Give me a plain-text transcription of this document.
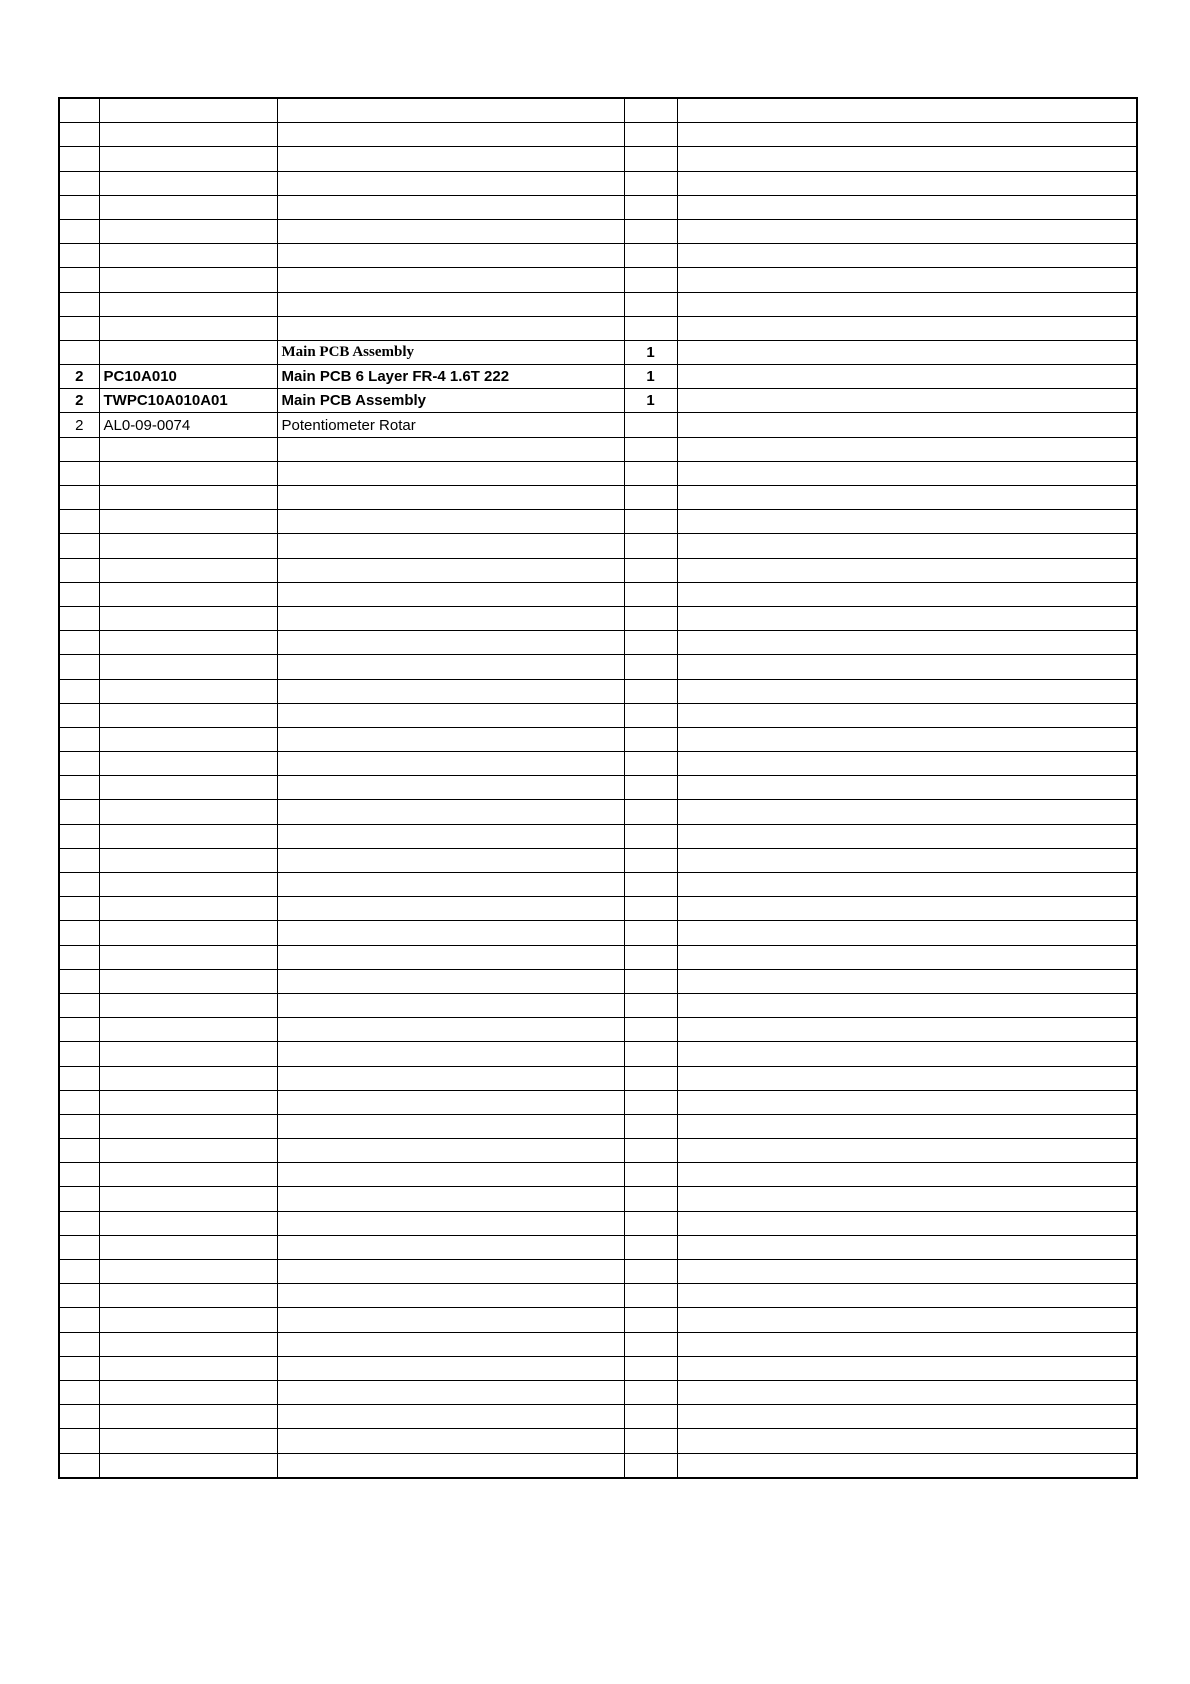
		Main PCB Assembly	1	
2	PC10A010	Main PCB 6 Layer FR-4 1.6T 222	1	
2	TWPC10A010A01	Main PCB Assembly	1	
2	AL0-09-0074	Potentiometer Rotar		
